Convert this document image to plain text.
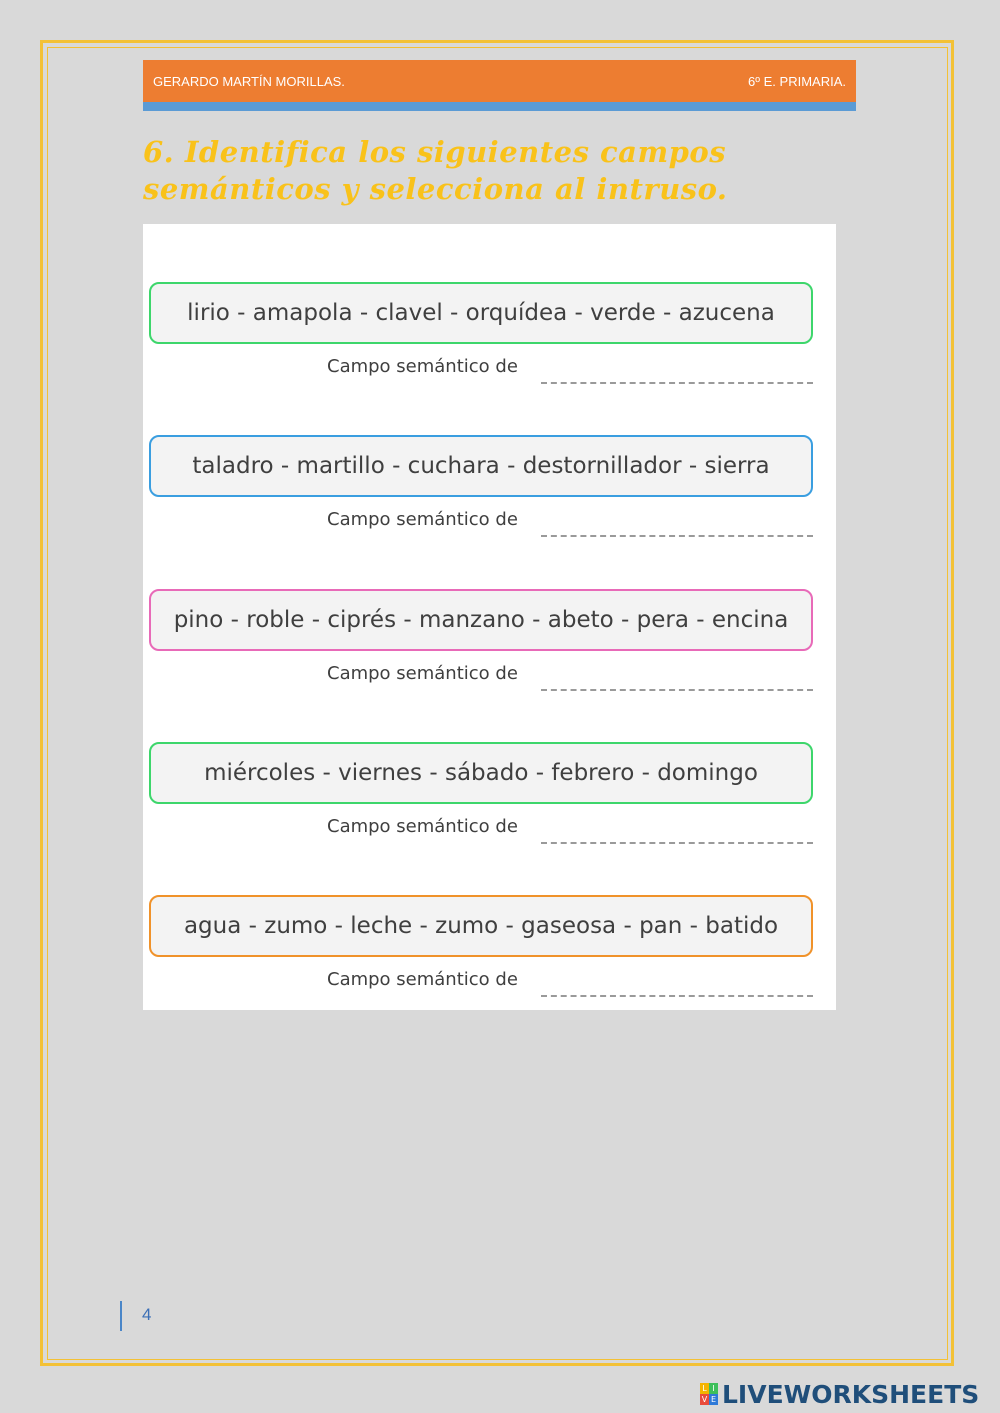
GERARDO MARTÍN MORILLAS.	6º E. PRIMARIA.
6. Identifica los siguientes campos
semánticos y selecciona al intruso.
lirio - amapola - clavel - orquídea - verde - azucena
Campo semántico de
taladro - martillo - cuchara - destornillador - sierra
Campo semántico de
pino - roble - ciprés - manzano - abeto - pera - encina
Campo semántico de
miércoles - viernes - sábado - febrero - domingo
Campo semántico de
agua - zumo - leche - zumo - gaseosa - pan - batido
Campo semántico de
4
L I
V E LIVEWORKSHEETS
